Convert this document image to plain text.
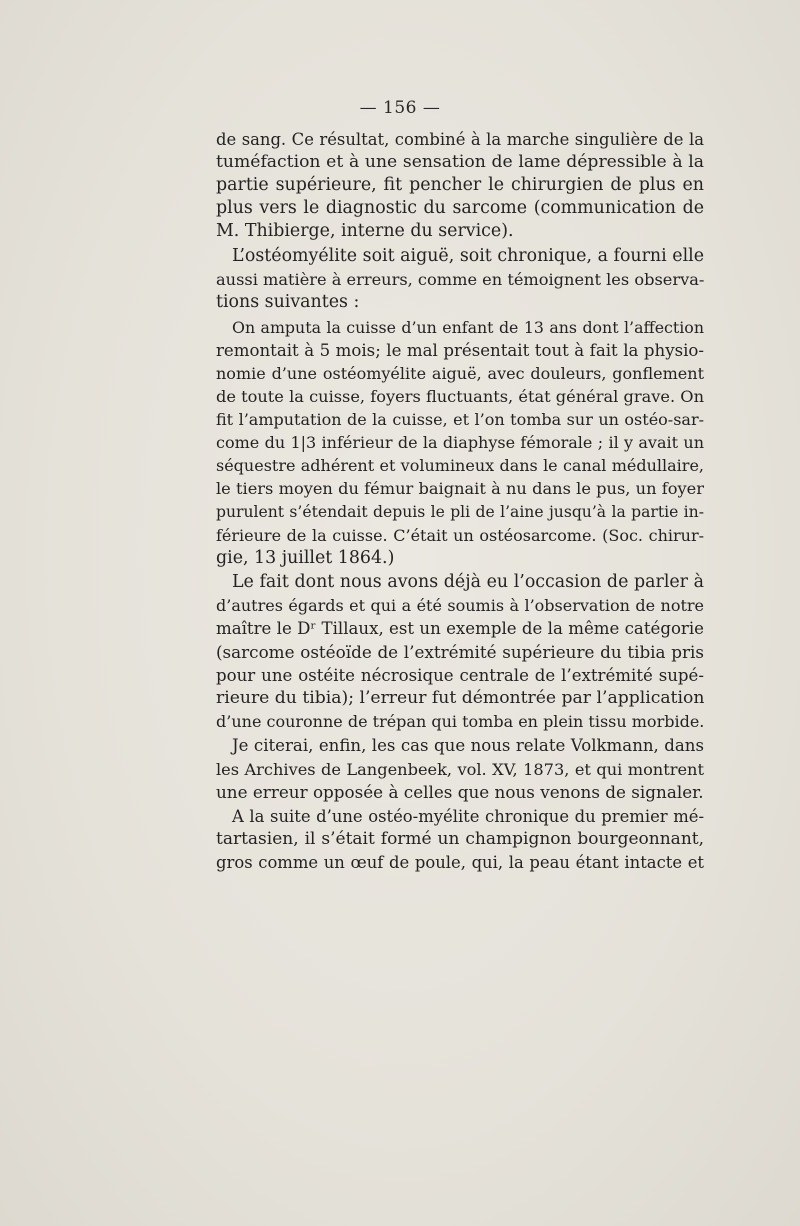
— 156 —
de sang. Ce résultat, combiné à la marche singulière de la
tuméfaction et à une sensation de lame dépressible à la
partie supérieure, fit pencher le chirurgien de plus en
plus vers le diagnostic du sarcome (communication de
M. Thibierge, interne du service).
L’ostéomyélite soit aiguë, soit chronique, a fourni elle
aussi matière à erreurs, comme en témoignent les observa-
tions suivantes :
On amputa la cuisse d’un enfant de 13 ans dont l’affection
remontait à 5 mois; le mal présentait tout à fait la physio-
nomie d’une ostéomyélite aiguë, avec douleurs, gonflement
de toute la cuisse, foyers fluctuants, état général grave. On
fit l’amputation de la cuisse, et l’on tomba sur un ostéo-sar-
come du 1|3 inférieur de la diaphyse fémorale ; il y avait un
séquestre adhérent et volumineux dans le canal médullaire,
le tiers moyen du fémur baignait à nu dans le pus, un foyer
purulent s’étendait depuis le pli de l’aine jusqu’à la partie in-
férieure de la cuisse. C’était un ostéosarcome. (Soc. chirur-
gie, 13 juillet 1864.)
Le fait dont nous avons déjà eu l’occasion de parler à
d’autres égards et qui a été soumis à l’observation de notre
maître le Dʳ Tillaux, est un exemple de la même catégorie
(sarcome ostéoïde de l’extrémité supérieure du tibia pris
pour une ostéite nécrosique centrale de l’extrémité supé-
rieure du tibia); l’erreur fut démontrée par l’application
d’une couronne de trépan qui tomba en plein tissu morbide.
Je citerai, enfin, les cas que nous relate Volkmann, dans
les Archives de Langenbeek, vol. XV, 1873, et qui montrent
une erreur opposée à celles que nous venons de signaler.
A la suite d’une ostéo-myélite chronique du premier mé-
tartasien, il s’était formé un champignon bourgeonnant,
gros comme un œuf de poule, qui, la peau étant intacte et
